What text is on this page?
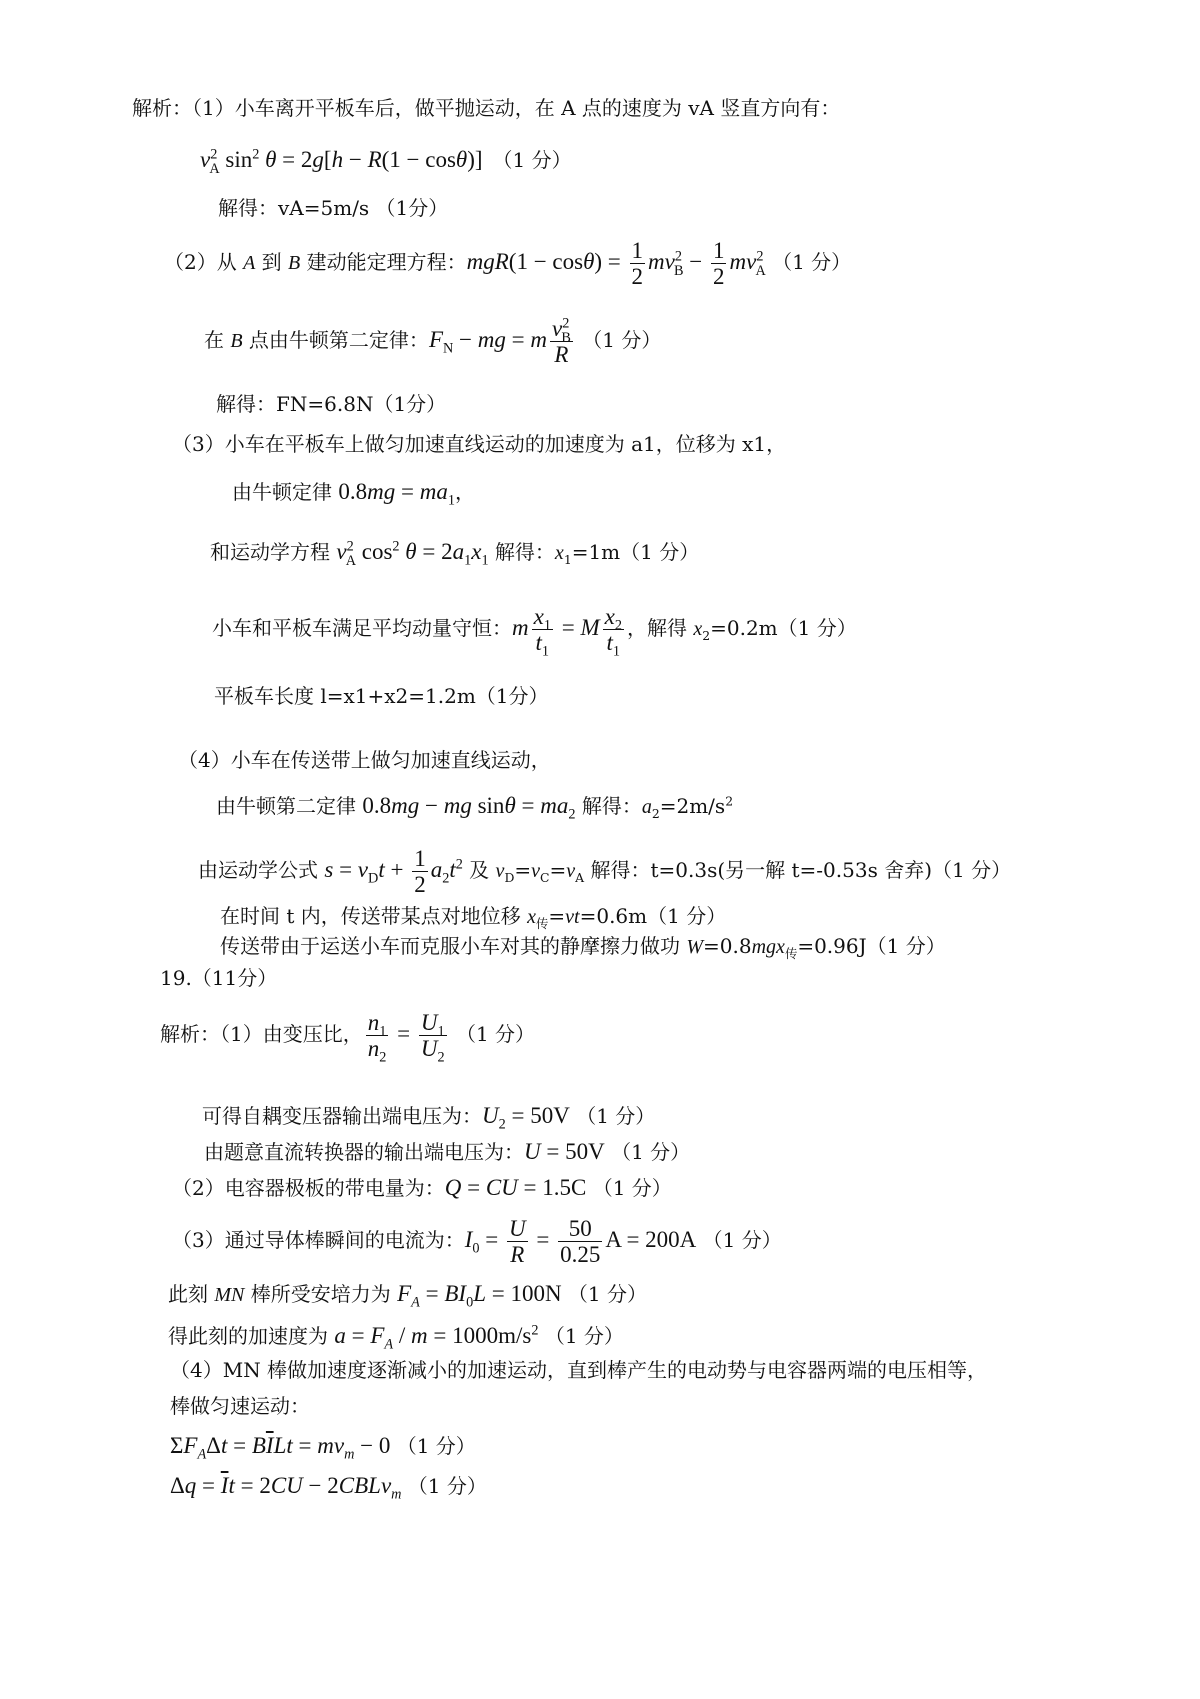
解析：（1）小车离开平板车后，做平抛运动，在 A 点的速度为 vA 竖直方向有：
$v^2_A$ $\sin^2 \theta = 2g[h - R(1 - \cos\theta)]$　（1 分）
解得：vA=5m/s （1分）
（2）从 A 到 B 建动能定理方程：$mgR(1 - \cos\theta) = \frac{1}{2} mv^2_B - \frac{1}{2} mv^2_A$ （1 分）
在 B 点由牛顿第二定律：$F_N$ − mg = m $\frac{v^2_B}{R} (1$ 分）
解得：FN=6.8N（1分）
（3）小车在平板车上做匀加速直线运动的加速度为 a1，位移为 x1，
由牛顿定律 $0.8mg = ma_1$，
和运动学方程 $v^2_A$ $\cos^2 \theta = 2a_1x_1$ 解得：$x_1=1m(1$ 分）
小车和平板车满足平均动量守恒：m $\frac{x_1}{t_1} = M \frac{x_2}{t_1}$ ，解得 $x_2=0.2m(1$ 分）
平板车长度 l=x1+x2=1.2m（1分）
（4）小车在传送带上做匀加速直线运动，
由牛顿第二定律 0.8mg − mg $\sin\theta = ma_2$ 解得：$a_2=2m/s^2$
由运动学公式 $s = v_Dt + \frac{1}{2} a_2t^2$ 及 $v_D=v_C=v_A$ 解得：t=0.3s(另一解 t=-0.53s 舍弃)（1 分）
在时间 t 内，传送带某点对地位移 $x_传=vt=0.6m(1$ 分）
传送带由于运送小车而克服小车对其的静摩擦力做功 W=0.8mgx$_传$=0.96J（1 分）
19.（11分）
解析：（1）由变压比， $\frac{n_1}{n_2} = \frac{U_1}{U_2} (1$ 分）
可得自耦变压器输出端电压为：$U_2 = 50V$ （1 分）
由题意直流转换器的输出端电压为：U = 50V （1 分）
（2）电容器极板的带电量为：Q = CU = 1.5C （1 分）
（3）通过导体棒瞬间的电流为：$I_0 = \frac{U}{R} = \frac{50}{0.25}$ A = 200A （1 分）
此刻 MN 棒所受安培力为 $F_A = BI_0L = 100N$ （1 分）
得此刻的加速度为 $a = F_A / m = 1000m/s^2$ （1 分）
（4）MN 棒做加速度逐渐减小的加速运动，直到棒产生的电动势与电容器两端的电压相等，
棒做匀速运动：
$\Sigma F_A\Delta t = B\overline{I}Lt = mv_m - 0$ （1 分）
$\Delta q = \overline{I}t = 2CU$ − 2CBLv$_m$ （1 分）
